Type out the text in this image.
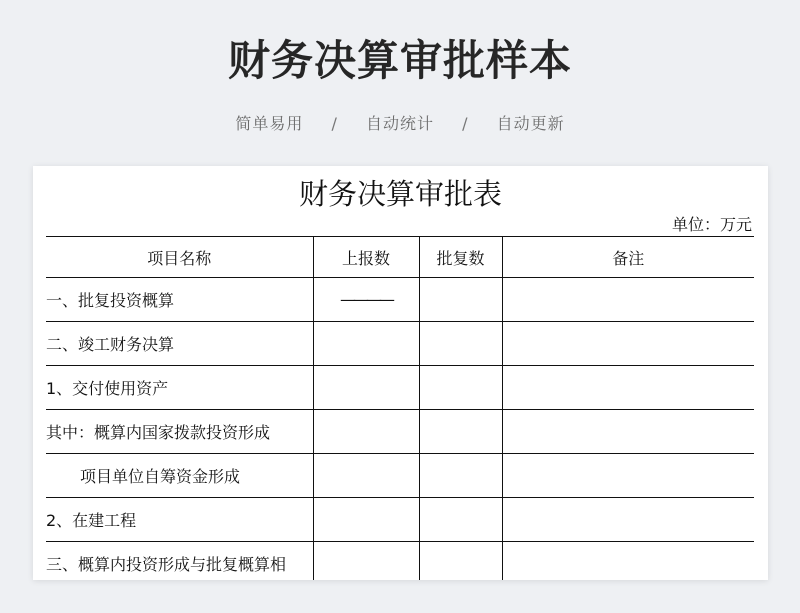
财务决算审批样本
简单易用 / 自动统计 / 自动更新
财务决算审批表
单位：万元
项目名称	上报数	批复数	备注
一、批复投资概算	————		
二、竣工财务决算			
1、交付使用资产			
其中：概算内国家拨款投资形成			
项目单位自筹资金形成			
2、在建工程			
三、概算内投资形成与批复概算相			
